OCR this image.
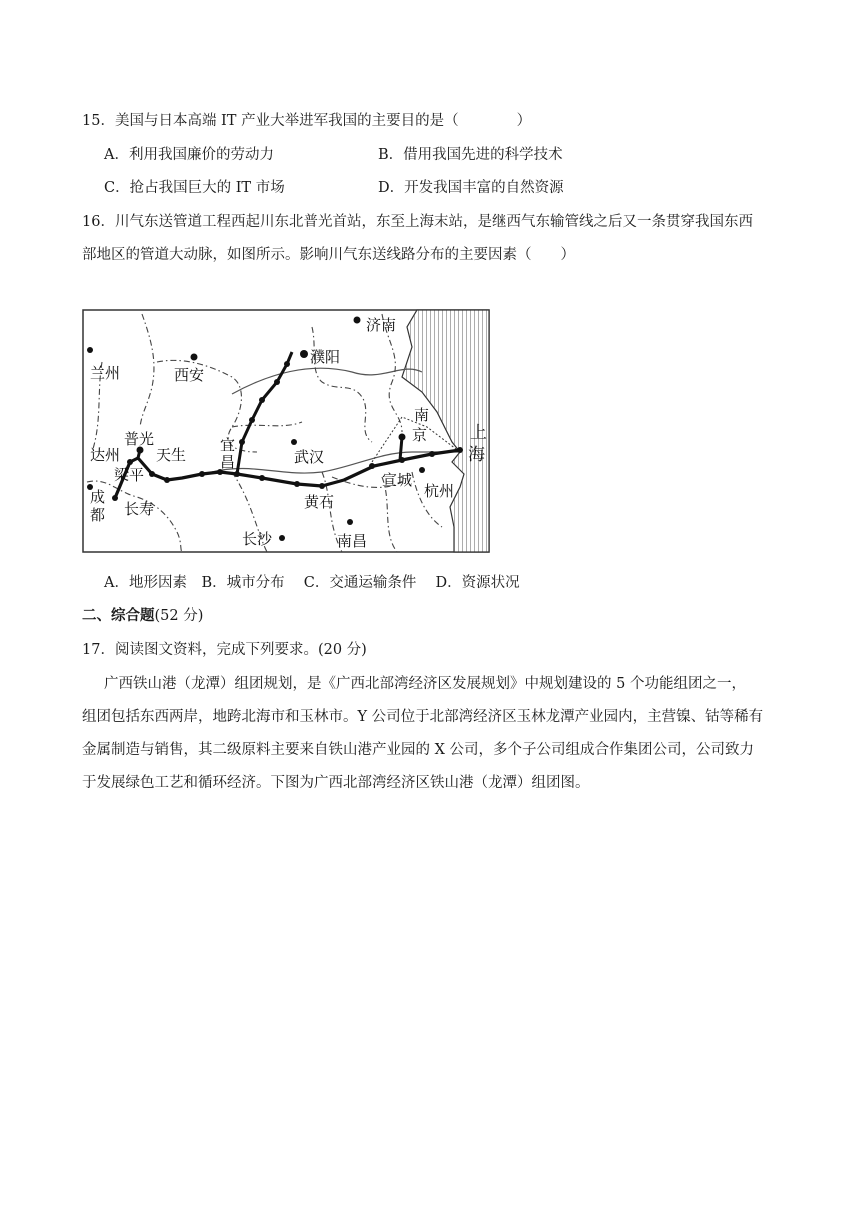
15．美国与日本高端 IT 产业大举进军我国的主要目的是（　　　　）
A．利用我国廉价的劳动力	B．借用我国先进的科学技术
C．抢占我国巨大的 IT 市场	D．开发我国丰富的自然资源
16．川气东送管道工程西起川东北普光首站，东至上海末站，是继西气东输管线之后又一条贯穿我国东西
部地区的管道大动脉，如图所示。影响川气东送线路分布的主要因素（　　）
济南
兰州	西安
濮阳
南
京	上
海
达州
普光
天生
宜
昌
梁平
武汉
宣城
杭州
成
都 长寿	黄石
长沙	南昌
A．地形因素　B．城市分布　 C．交通运输条件　 D．资源状况
二、综合题(52 分)
17．阅读图文资料，完成下列要求。(20 分)
广西铁山港（龙潭）组团规划，是《广西北部湾经济区发展规划》中规划建设的 5 个功能组团之一，
组团包括东西两岸，地跨北海市和玉林市。Y 公司位于北部湾经济区玉林龙潭产业园内，主营镍、钴等稀有
金属制造与销售，其二级原料主要来自铁山港产业园的 X 公司，多个子公司组成合作集团公司，公司致力
于发展绿色工艺和循环经济。下图为广西北部湾经济区铁山港（龙潭）组团图。
